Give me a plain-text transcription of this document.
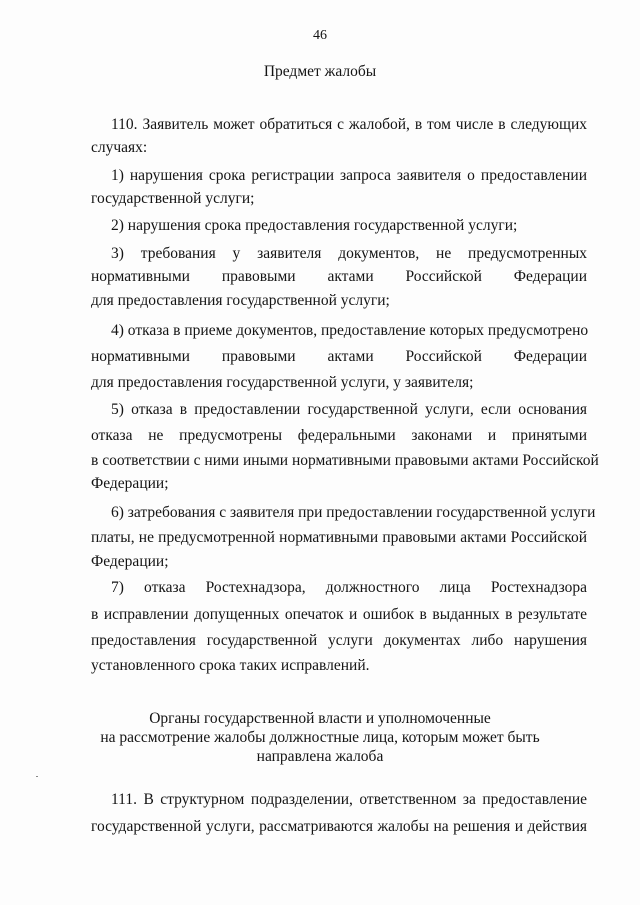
46
Предмет жалобы
110. Заявитель может обратиться с жалобой, в том числе в следующих
случаях:
1) нарушения срока регистрации запроса заявителя о предоставлении
государственной услуги;
2) нарушения срока предоставления государственной услуги;
3) требования у заявителя документов, не предусмотренных
нормативными правовыми актами Российской Федерации
для предоставления государственной услуги;
4) отказа в приеме документов, предоставление которых предусмотрено
нормативными правовыми актами Российской Федерации
для предоставления государственной услуги, у заявителя;
5) отказа в предоставлении государственной услуги, если основания
отказа не предусмотрены федеральными законами и принятыми
в соответствии с ними иными нормативными правовыми актами Российской
Федерации;
6) затребования с заявителя при предоставлении государственной услуги
платы, не предусмотренной нормативными правовыми актами Российской
Федерации;
7) отказа Ростехнадзора, должностного лица Ростехнадзора
в исправлении допущенных опечаток и ошибок в выданных в результате
предоставления государственной услуги документах либо нарушения
установленного срока таких исправлений.
Органы государственной власти и уполномоченные
на рассмотрение жалобы должностные лица, которым может быть
направлена жалоба
111. В структурном подразделении, ответственном за предоставление
государственной услуги, рассматриваются жалобы на решения и действия
